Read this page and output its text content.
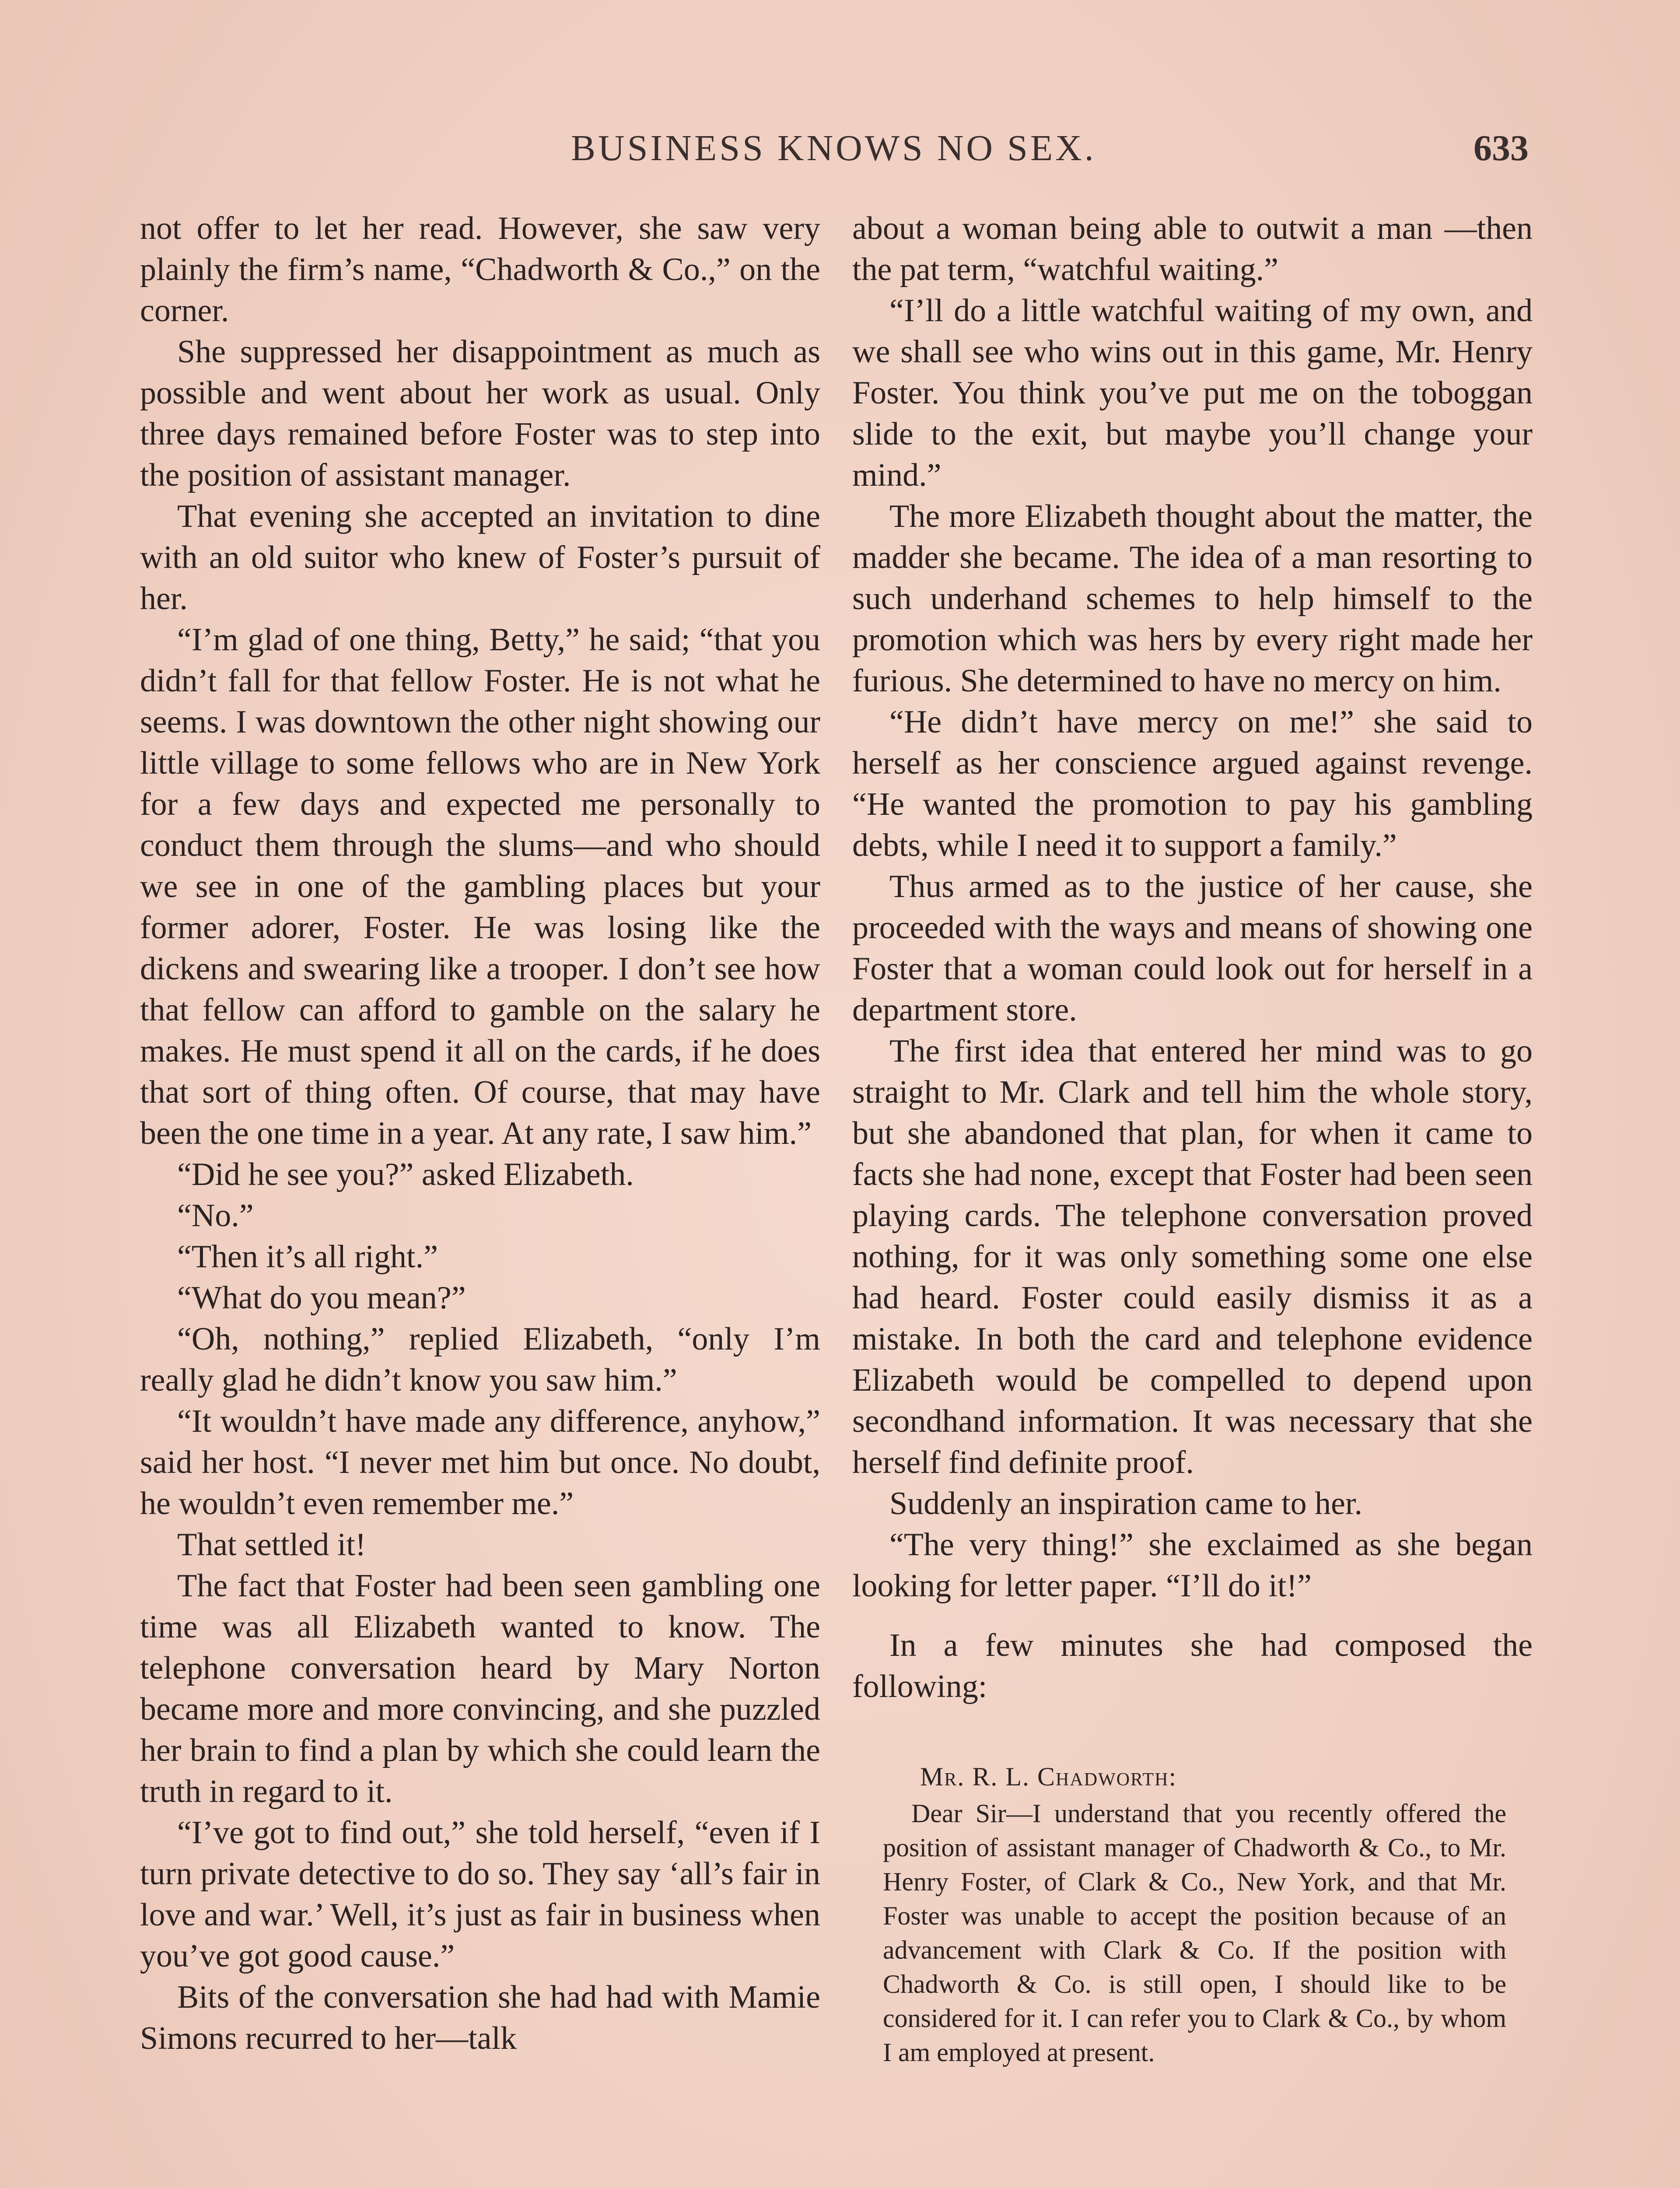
BUSINESS KNOWS NO SEX.	633

not offer to let her read. However, she saw very plainly the firm’s name, “Chadworth & Co.,” on the corner.

She suppressed her disappointment as much as possible and went about her work as usual. Only three days remained before Foster was to step into the position of assistant manager.

That evening she accepted an invitation to dine with an old suitor who knew of Foster’s pursuit of her.

“I’m glad of one thing, Betty,” he said; “that you didn’t fall for that fellow Foster. He is not what he seems. I was downtown the other night showing our little village to some fellows who are in New York for a few days and expected me personally to conduct them through the slums—and who should we see in one of the gambling places but your former adorer, Foster. He was losing like the dickens and swearing like a trooper. I don’t see how that fellow can afford to gamble on the salary he makes. He must spend it all on the cards, if he does that sort of thing often. Of course, that may have been the one time in a year. At any rate, I saw him.”

“Did he see you?” asked Elizabeth.

“No.”

“Then it’s all right.”

“What do you mean?”

“Oh, nothing,” replied Elizabeth, “only I’m really glad he didn’t know you saw him.”

“It wouldn’t have made any difference, anyhow,” said her host. “I never met him but once. No doubt, he wouldn’t even remember me.”

That settled it!

The fact that Foster had been seen gambling one time was all Elizabeth wanted to know. The telephone conversation heard by Mary Norton became more and more convincing, and she puzzled her brain to find a plan by which she could learn the truth in regard to it.

“I’ve got to find out,” she told herself, “even if I turn private detective to do so. They say ‘all’s fair in love and war.’ Well, it’s just as fair in business when you’ve got good cause.”

Bits of the conversation she had had with Mamie Simons recurred to her—talk

about a woman being able to outwit a man —then the pat term, “watchful waiting.”

“I’ll do a little watchful waiting of my own, and we shall see who wins out in this game, Mr. Henry Foster. You think you’ve put me on the toboggan slide to the exit, but maybe you’ll change your mind.”

The more Elizabeth thought about the matter, the madder she became. The idea of a man resorting to such underhand schemes to help himself to the promotion which was hers by every right made her furious. She determined to have no mercy on him.

“He didn’t have mercy on me!” she said to herself as her conscience argued against revenge. “He wanted the promotion to pay his gambling debts, while I need it to support a family.”

Thus armed as to the justice of her cause, she proceeded with the ways and means of showing one Foster that a woman could look out for herself in a department store.

The first idea that entered her mind was to go straight to Mr. Clark and tell him the whole story, but she abandoned that plan, for when it came to facts she had none, except that Foster had been seen playing cards. The telephone conversation proved nothing, for it was only something some one else had heard. Foster could easily dismiss it as a mistake. In both the card and telephone evidence Elizabeth would be compelled to depend upon secondhand information. It was necessary that she herself find definite proof.

Suddenly an inspiration came to her.

“The very thing!” she exclaimed as she began looking for letter paper. “I’ll do it!”

In a few minutes she had composed the following:

Mr. R. L. Chadworth:

Dear Sir—I understand that you recently offered the position of assistant manager of Chadworth & Co., to Mr. Henry Foster, of Clark & Co., New York, and that Mr. Foster was unable to accept the position because of an advancement with Clark & Co. If the position with Chadworth & Co. is still open, I should like to be considered for it. I can refer you to Clark & Co., by whom I am employed at present.
